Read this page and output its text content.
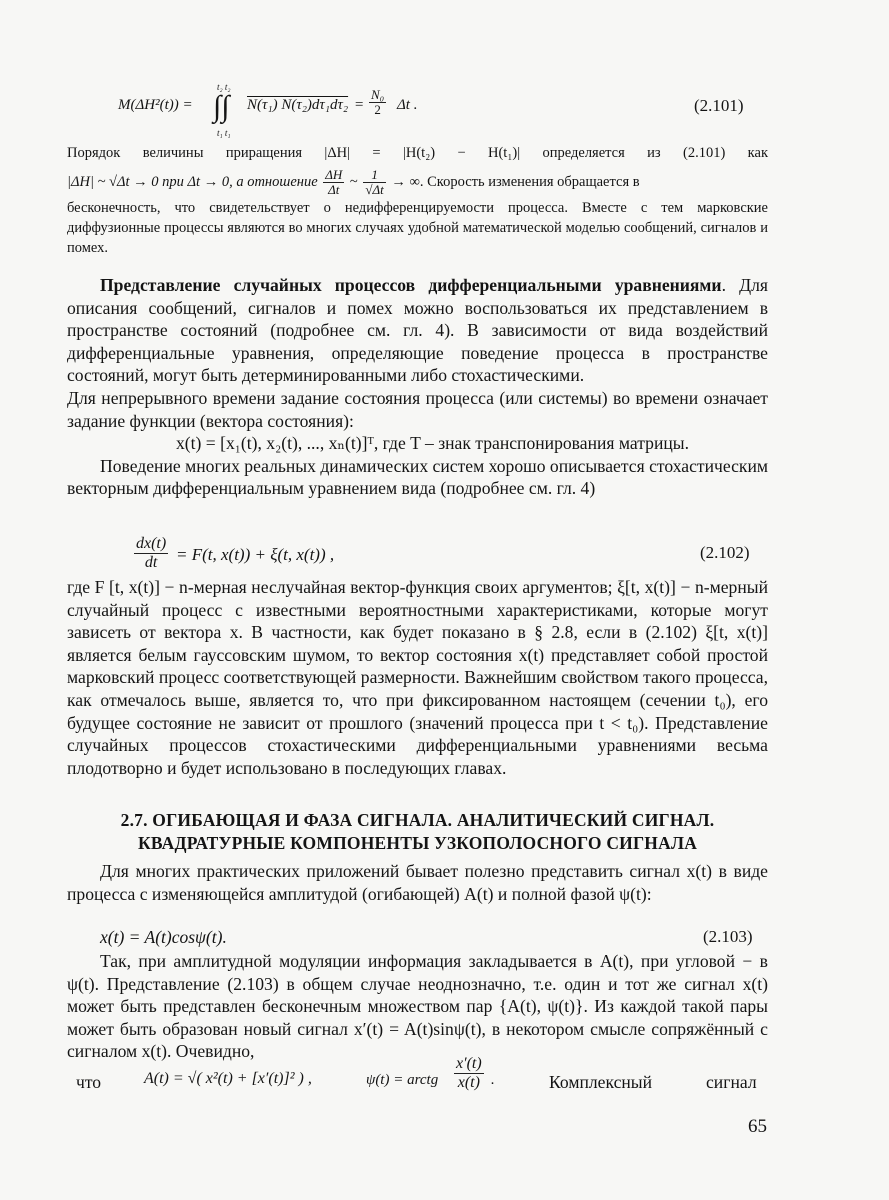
M(ΔH²(t)) =
t₂ t₂
∫∫
t₁ t₁
N(τ₁) $N(\tau_2)d\tau_1d\tau_2 = \frac{\text{N₀}}{2}$ Δt .	(2.101)
Порядок величины приращения |ΔH| = |H(t₂) − H(t₁)| определяется из (2.101) как
|ΔH| ~ √Δt → 0 при Δt → 0, а отношение $\frac{\Delta H}{\Delta t}$ ~ $\frac{1}{√\Delta t}$ → ∞. Скорость изменения обращается в
бесконечность, что свидетельствует о недифференцируемости процесса. Вместе с тем марковские диффузионные процессы являются во многих случаях удобной математической моделью сообщений, сигналов и помех.

Представление случайных процессов дифференциальными уравнениями. Для описания сообщений, сигналов и помех можно воспользоваться их представлением в пространстве состояний (подробнее см. гл. 4). В зависимости от вида воздействий дифференциальные уравнения, определяющие поведение процесса в пространстве состояний, могут быть детерминированными либо стохастическими.

Для непрерывного времени задание состояния процесса (или системы) во времени означает задание функции (вектора состояния):

x(t) = [x₁(t), x₂(t), ..., xₙ(t)]ᵀ, где T – знак транспонирования матрицы.

Поведение многих реальных динамических систем хорошо описывается стохастическим векторным дифференциальным уравнением вида (подробнее см. гл. 4)

$\frac{dx(t)}{dt} = F(t$, x(t)) + ξ(t, x(t)) ,	(2.102)

где F [t, x(t)] − n-мерная неслучайная вектор-функция своих аргументов; ξ[t, x(t)] − n-мерный случайный процесс с известными вероятностными характеристиками, которые могут зависеть от вектора x. В частности, как будет показано в § 2.8, если в (2.102) ξ[t, x(t)] является белым гауссовским шумом, то вектор состояния x(t) представляет собой простой марковский процесс соответствующей размерности. Важнейшим свойством такого процесса, как отмечалось выше, является то, что при фиксированном настоящем (сечении t₀), его будущее состояние не зависит от прошлого (значений процесса при t < t₀). Представление случайных процессов стохастическими дифференциальными уравнениями весьма плодотворно и будет использовано в последующих главах.

2.7. ОГИБАЮЩАЯ И ФАЗА СИГНАЛА. АНАЛИТИЧЕСКИЙ СИГНАЛ.
КВАДРАТУРНЫЕ КОМПОНЕНТЫ УЗКОПОЛОСНОГО СИГНАЛА

Для многих практических приложений бывает полезно представить сигнал x(t) в виде процесса с изменяющейся амплитудой (огибающей) A(t) и полной фазой ψ(t):

x(t) = A(t)cosψ(t).	(2.103)

Так, при амплитудной модуляции информация закладывается в A(t), при угловой − в ψ(t). Представление (2.103) в общем случае неоднозначно, т.е. один и тот же сигнал x(t) может быть представлен бесконечным множеством пар {A(t), ψ(t)}. Из каждой такой пары может быть образован новый сигнал x′(t) = A(t)sinψ(t), в некотором смысле сопряжённый с сигналом x(t). Очевидно,

что	A(t) = √( x²(t) + [x′(t)]² ) ,	ψ(t) = arctg $\frac{x'(t)}{x(t)}$ .	Комплексный	сигнал
65
